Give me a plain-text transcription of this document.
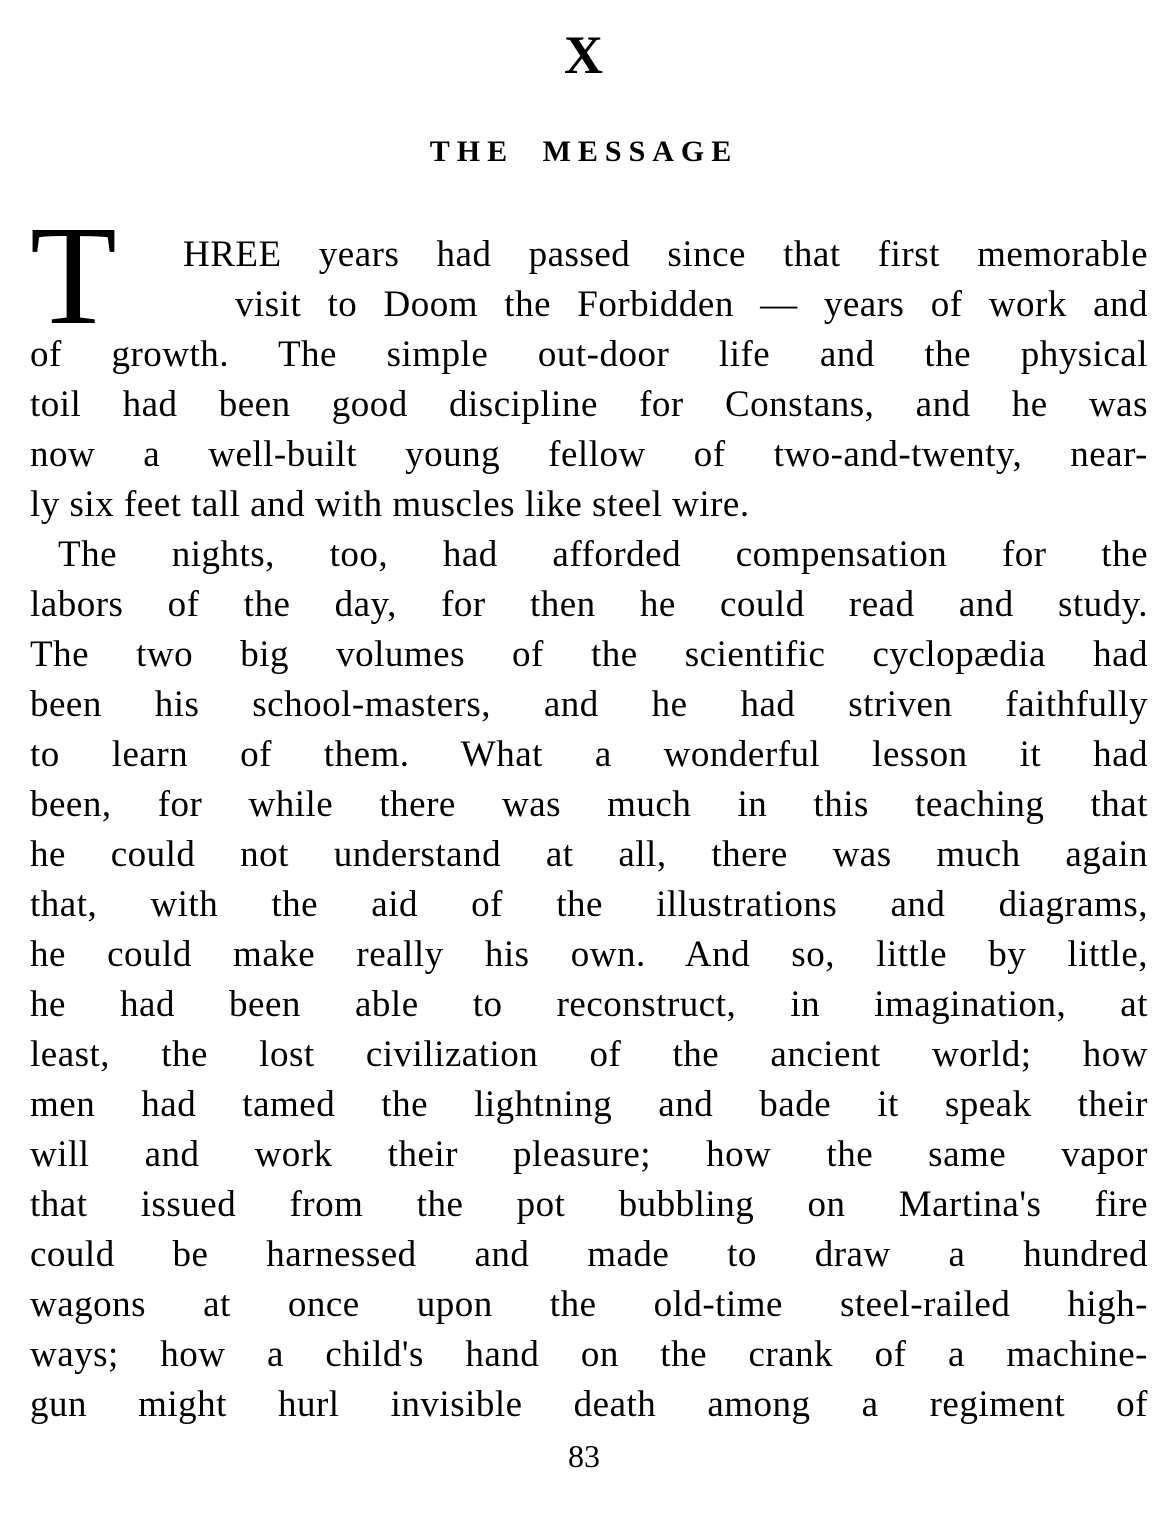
X
THE MESSAGE
T	HREE years had passed since that first memorable
visit to Doom the Forbidden — years of work and
of growth. The simple out-door life and the physical
toil had been good discipline for Constans, and he was
now a well-built young fellow of two-and-twenty, near-
ly six feet tall and with muscles like steel wire.
The nights, too, had afforded compensation for the
labors of the day, for then he could read and study.
The two big volumes of the scientific cyclopædia had
been his school-masters, and he had striven faithfully
to learn of them. What a wonderful lesson it had
been, for while there was much in this teaching that
he could not understand at all, there was much again
that, with the aid of the illustrations and diagrams,
he could make really his own. And so, little by little,
he had been able to reconstruct, in imagination, at
least, the lost civilization of the ancient world; how
men had tamed the lightning and bade it speak their
will and work their pleasure; how the same vapor
that issued from the pot bubbling on Martina's fire
could be harnessed and made to draw a hundred
wagons at once upon the old-time steel-railed high-
ways; how a child's hand on the crank of a machine-
gun might hurl invisible death among a regiment of
83
